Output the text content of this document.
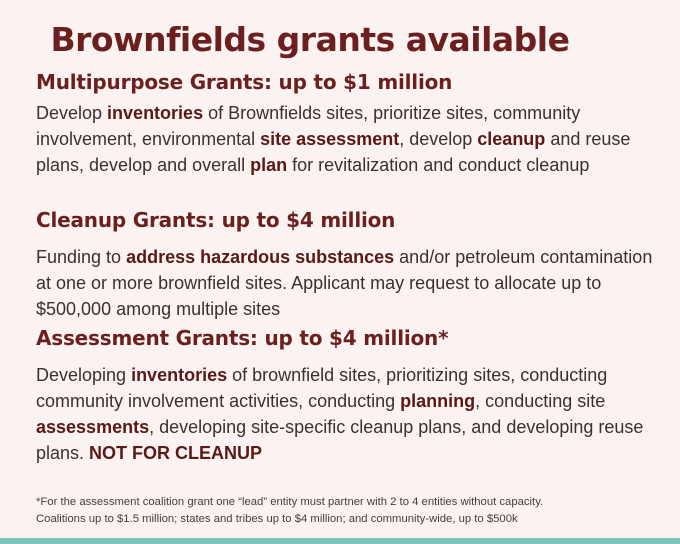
Brownfields grants available
Multipurpose Grants: up to $1 million

Develop inventories of Brownfields sites, prioritize sites, community involvement, environmental site assessment, develop cleanup and reuse plans, develop and overall plan for revitalization and conduct cleanup

Cleanup Grants: up to $4 million

Funding to address hazardous substances and/or petroleum contamination at one or more brownfield sites. Applicant may request to allocate up to $500,000 among multiple sites

Assessment Grants: up to $4 million*

Developing inventories of brownfield sites, prioritizing sites, conducting community involvement activities, conducting planning, conducting site assessments, developing site-specific cleanup plans, and developing reuse plans. NOT FOR CLEANUP

*For the assessment coalition grant one “lead” entity must partner with 2 to 4 entities without capacity.
Coalitions up to $1.5 million; states and tribes up to $4 million; and community-wide, up to $500k
